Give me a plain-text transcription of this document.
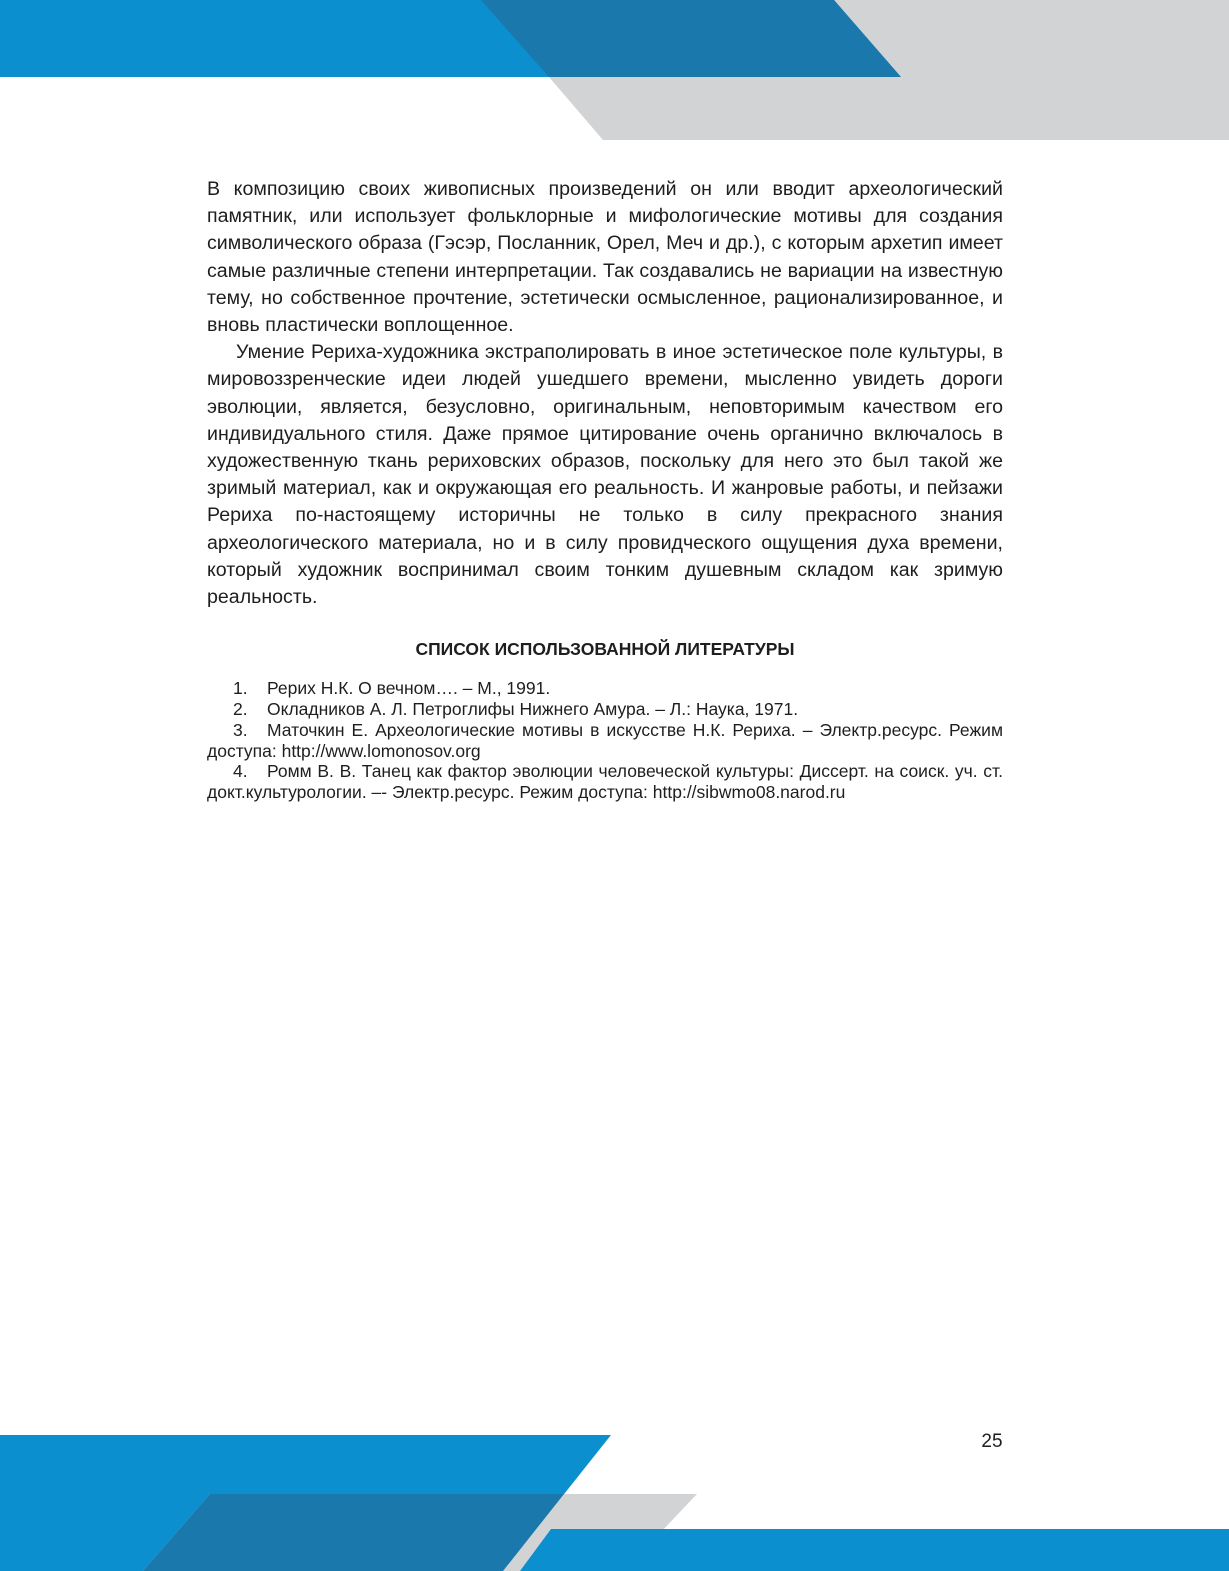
В композицию своих живописных произведений он или вводит археологический памятник, или использует фольклорные и мифологические мотивы для создания символического образа (Гэсэр, Посланник, Орел, Меч и др.), с которым архетип имеет самые различные степени интерпретации. Так создавались не вариации на известную тему, но собственное прочтение, эстетически осмысленное, рационализированное, и вновь пластически воплощенное.

Умение Рериха-художника экстраполировать в иное эстетическое поле культуры, в мировоззренческие идеи людей ушедшего времени, мысленно увидеть дороги эволюции, является, безусловно, оригинальным, неповторимым качеством его индивидуального стиля. Даже прямое цитирование очень органично включалось в художественную ткань рериховских образов, поскольку для него это был такой же зримый материал, как и окружающая его реальность. И жанровые работы, и пейзажи Рериха по-настоящему историчны не только в силу прекрасного знания археологического материала, но и в силу провидческого ощущения духа времени, который художник воспринимал своим тонким душевным складом как зримую реальность.

СПИСОК ИСПОЛЬЗОВАННОЙ ЛИТЕРАТУРЫ
1. Рерих Н.К. О вечном…. – М., 1991.
2. Окладников А. Л. Петроглифы Нижнего Амура. – Л.: Наука, 1971.
3. Маточкин Е. Археологические мотивы в искусстве Н.К. Рериха. – Электр.ресурс. Режим доступа: http://www.lomonosov.org
4. Ромм В. В. Танец как фактор эволюции человеческой культуры: Диссерт. на соиск. уч. ст. докт.культурологии. –- Электр.ресурс. Режим доступа: http://sibwmo08.narod.ru
25
